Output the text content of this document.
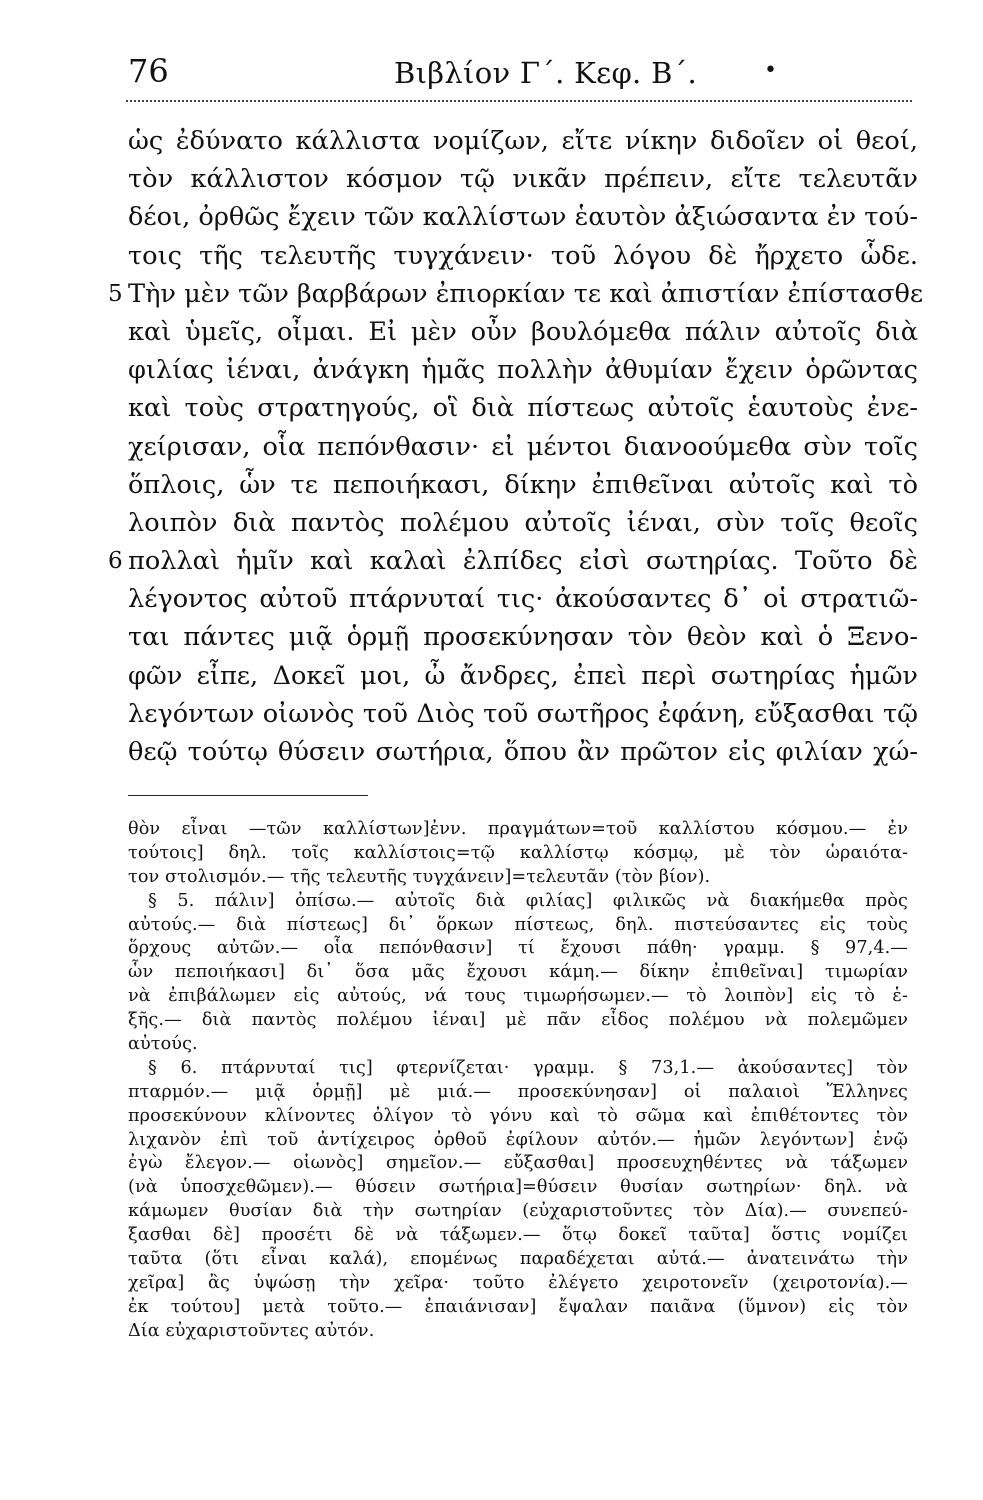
76	Βιβλίον Γ΄. Κεφ. Β΄.	•
ὡς ἐδύνατο κάλλιστα νομίζων, εἴτε νίκην διδοῖεν οἱ θεοί,
τὸν κάλλιστον κόσμον τῷ νικᾶν πρέπειν, εἴτε τελευτᾶν
δέοι, ὀρθῶς ἔχειν τῶν καλλίστων ἑαυτὸν ἀξιώσαντα ἐν τού-
τοις τῆς τελευτῆς τυγχάνειν· τοῦ λόγου δὲ ἤρχετο ὧδε.
Τὴν μὲν τῶν βαρβάρων ἐπιορκίαν τε καὶ ἀπιστίαν ἐπίστασθε
5
καὶ ὑμεῖς, οἶμαι. Εἰ μὲν οὖν βουλόμεθα πάλιν αὐτοῖς διὰ
φιλίας ἰέναι, ἀνάγκη ἡμᾶς πολλὴν ἀθυμίαν ἔχειν ὁρῶντας
καὶ τοὺς στρατηγούς, οἳ διὰ πίστεως αὐτοῖς ἑαυτοὺς ἐνε-
χείρισαν, οἷα πεπόνθασιν· εἰ μέντοι διανοούμεθα σὺν τοῖς
ὅπλοις, ὧν τε πεποιήκασι, δίκην ἐπιθεῖναι αὐτοῖς καὶ τὸ
λοιπὸν διὰ παντὸς πολέμου αὐτοῖς ἰέναι, σὺν τοῖς θεοῖς
πολλαὶ ἡμῖν καὶ καλαὶ ἐλπίδες εἰσὶ σωτηρίας. Τοῦτο δὲ
6
λέγοντος αὐτοῦ πτάρνυταί τις· ἀκούσαντες δ᾽ οἱ στρατιῶ-
ται πάντες μιᾷ ὁρμῇ προσεκύνησαν τὸν θεὸν καὶ ὁ Ξενο-
φῶν εἶπε, Δοκεῖ μοι, ὦ ἄνδρες, ἐπεὶ περὶ σωτηρίας ἡμῶν
λεγόντων οἰωνὸς τοῦ Διὸς τοῦ σωτῆρος ἐφάνη, εὔξασθαι τῷ
θεῷ τούτῳ θύσειν σωτήρια, ὅπου ἂν πρῶτον εἰς φιλίαν χώ-
θὸν εἶναι —τῶν καλλίστων]ἐνν. πραγμάτων=τοῦ καλλίστου κόσμου.— ἐν
τούτοις] δηλ. τοῖς καλλίστοις=τῷ καλλίστῳ κόσμῳ, μὲ τὸν ὡραιότα-
τον στολισμόν.— τῆς τελευτῆς τυγχάνειν]=τελευτᾶν (τὸν βίον).
§ 5. πάλιν] ὀπίσω.— αὐτοῖς διὰ φιλίας] φιλικῶς νὰ διακήμεθα πρὸς
αὐτούς.— διὰ πίστεως] δι᾽ ὅρκων πίστεως, δηλ. πιστεύσαντες εἰς τοὺς
ὅρχους αὐτῶν.— οἷα πεπόνθασιν] τί ἔχουσι πάθη· γραμμ. § 97,4.—
ὧν πεποιήκασι] δι᾽ ὅσα μᾶς ἔχουσι κάμη.— δίκην ἐπιθεῖναι] τιμωρίαν
νὰ ἐπιβάλωμεν εἰς αὐτούς, νά τους τιμωρήσωμεν.— τὸ λοιπὸν] εἰς τὸ ἑ-
ξῆς.— διὰ παντὸς πολέμου ἰέναι] μὲ πᾶν εἶδος πολέμου νὰ πολεμῶμεν
αὐτούς.
§ 6. πτάρνυταί τις] φτερνίζεται· γραμμ. § 73,1.— ἀκούσαντες] τὸν
πταρμόν.— μιᾷ ὁρμῇ] μὲ μιά.— προσεκύνησαν] οἱ παλαιοὶ Ἕλληνες
προσεκύνουν κλίνοντες ὀλίγον τὸ γόνυ καὶ τὸ σῶμα καὶ ἐπιθέτοντες τὸν
λιχανὸν ἐπὶ τοῦ ἀντίχειρος ὀρθοῦ ἐφίλουν αὐτόν.— ἡμῶν λεγόντων] ἐνῷ
ἐγὼ ἔλεγον.— οἰωνὸς] σημεῖον.— εὔξασθαι] προσευχηθέντες νὰ τάξωμεν
(νὰ ὑποσχεθῶμεν).— θύσειν σωτήρια]=θύσειν θυσίαν σωτηρίων· δηλ. νὰ
κάμωμεν θυσίαν διὰ τὴν σωτηρίαν (εὐχαριστοῦντες τὸν Δία).— συνεπεύ-
ξασθαι δὲ] προσέτι δὲ νὰ τάξωμεν.— ὅτῳ δοκεῖ ταῦτα] ὅστις νομίζει
ταῦτα (ὅτι εἶναι καλά), επομένως παραδέχεται αὐτά.— ἀνατεινάτω τὴν
χεῖρα] ἂς ὑψώσῃ τὴν χεῖρα· τοῦτο ἐλέγετο χειροτονεῖν (χειροτονία).—
ἐκ τούτου] μετὰ τοῦτο.— ἐπαιάνισαν] ἔψαλαν παιᾶνα (ὕμνον) εἰς τὸν
Δία εὐχαριστοῦντες αὐτόν.
